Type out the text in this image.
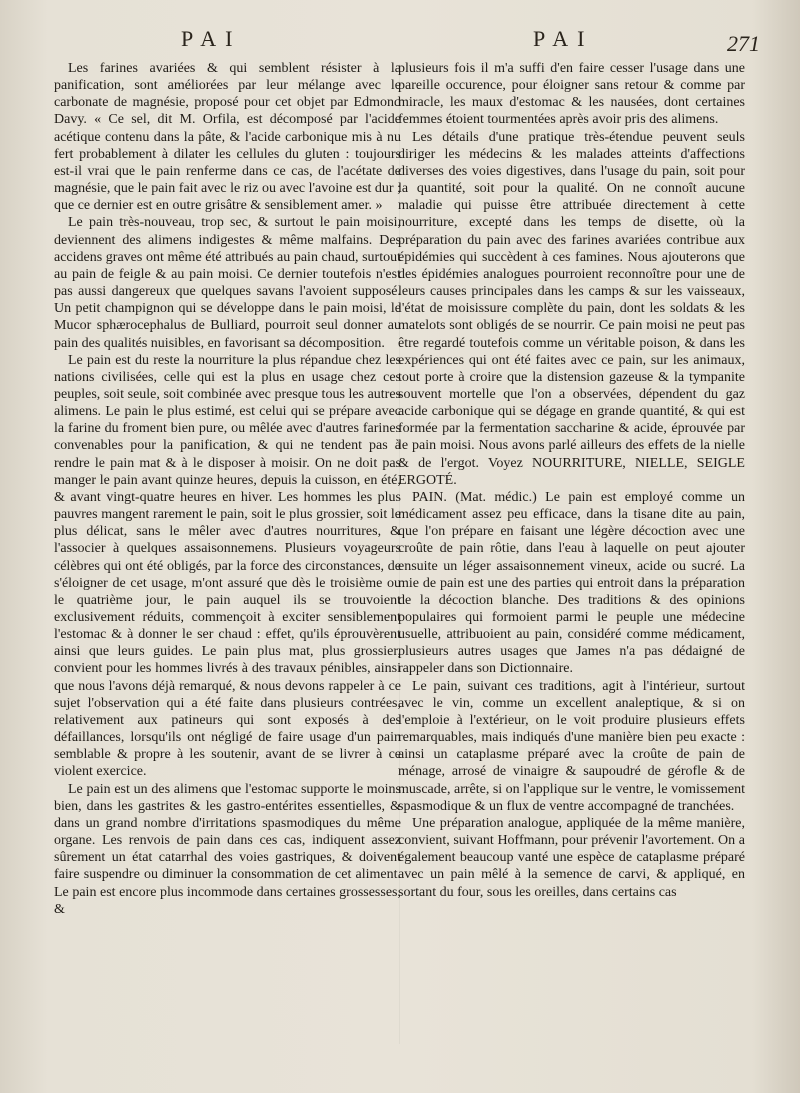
PAI	PAI	271

Les farines avariées & qui semblent résister à la panification, sont améliorées par leur mélange avec le carbonate de magnésie, proposé pour cet objet par Edmond Davy. « Ce sel, dit M. Orfila, est décomposé par l'acide acétique contenu dans la pâte, & l'acide carbonique mis à nu fert probablement à dilater les cellules du gluten : toujours est-il vrai que le pain renferme dans ce cas, de l'acétate de magnésie, que le pain fait avec le riz ou avec l'avoine est dur ; que ce dernier est en outre grisâtre & sensiblement amer. »

Le pain très-nouveau, trop sec, & surtout le pain moisi, deviennent des alimens indigestes & même malfains. Des accidens graves ont même été attribués au pain chaud, surtout au pain de feigle & au pain moisi. Ce dernier toutefois n'est pas aussi dangereux que quelques savans l'avoient supposé. Un petit champignon qui se développe dans le pain moisi, le Mucor sphærocephalus de Bulliard, pourroit seul donner au pain des qualités nuisibles, en favorisant sa décomposition.

Le pain est du reste la nourriture la plus répandue chez les nations civilisées, celle qui est la plus en usage chez ces peuples, soit seule, soit combinée avec presque tous les autres alimens. Le pain le plus estimé, est celui qui se prépare avec la farine du froment bien pure, ou mêlée avec d'autres farines convenables pour la panification, & qui ne tendent pas à rendre le pain mat & à le disposer à moisir. On ne doit pas manger le pain avant quinze heures, depuis la cuisson, en été, & avant vingt-quatre heures en hiver. Les hommes les plus pauvres mangent rarement le pain, soit le plus grossier, soit le plus délicat, sans le mêler avec d'autres nourritures, & l'associer à quelques assaisonnemens. Plusieurs voyageurs célèbres qui ont été obligés, par la force des circonstances, de s'éloigner de cet usage, m'ont assuré que dès le troisième ou le quatrième jour, le pain auquel ils se trouvoient exclusivement réduits, commençoit à exciter sensiblement l'estomac & à donner le ser chaud : effet, qu'ils éprouvèrent ainsi que leurs guides. Le pain plus mat, plus grossier, convient pour les hommes livrés à des travaux pénibles, ainsi que nous l'avons déjà remarqué, & nous devons rappeler à ce sujet l'observation qui a été faite dans plusieurs contrées, relativement aux patineurs qui sont exposés à des défaillances, lorsqu'ils ont négligé de faire usage d'un pain semblable & propre à les soutenir, avant de se livrer à ce violent exercice.

Le pain est un des alimens que l'estomac supporte le moins bien, dans les gastrites & les gastro-entérites essentielles, & dans un grand nombre d'irritations spasmodiques du même organe. Les renvois de pain dans ces cas, indiquent assez sûrement un état catarrhal des voies gastriques, & doivent faire suspendre ou diminuer la consommation de cet aliment. Le pain est encore plus incommode dans certaines grossesses, &

plusieurs fois il m'a suffi d'en faire cesser l'usage dans une pareille occurence, pour éloigner sans retour & comme par miracle, les maux d'estomac & les nausées, dont certaines femmes étoient tourmentées après avoir pris des alimens.

Les détails d'une pratique très-étendue peuvent seuls diriger les médecins & les malades atteints d'affections diverses des voies digestives, dans l'usage du pain, soit pour la quantité, soit pour la qualité. On ne connoît aucune maladie qui puisse être attribuée directement à cette nourriture, excepté dans les temps de disette, où la préparation du pain avec des farines avariées contribue aux épidémies qui succèdent à ces famines. Nous ajouterons que des épidémies analogues pourroient reconnoître pour une de leurs causes principales dans les camps & sur les vaisseaux, l'état de moisissure complète du pain, dont les soldats & les matelots sont obligés de se nourrir. Ce pain moisi ne peut pas être regardé toutefois comme un véritable poison, & dans les expériences qui ont été faites avec ce pain, sur les animaux, tout porte à croire que la distension gazeuse & la tympanite souvent mortelle que l'on a observées, dépendent du gaz acide carbonique qui se dégage en grande quantité, & qui est formée par la fermentation saccharine & acide, éprouvée par le pain moisi. Nous avons parlé ailleurs des effets de la nielle & de l'ergot. Voyez NOURRITURE, NIELLE, SEIGLE ERGOTÉ.

PAIN. (Mat. médic.) Le pain est employé comme un médicament assez peu efficace, dans la tisane dite au pain, que l'on prépare en faisant une légère décoction avec une croûte de pain rôtie, dans l'eau à laquelle on peut ajouter ensuite un léger assaisonnement vineux, acide ou sucré. La mie de pain est une des parties qui entroit dans la préparation de la décoction blanche. Des traditions & des opinions populaires qui formoient parmi le peuple une médecine usuelle, attribuoient au pain, considéré comme médicament, plusieurs autres usages que James n'a pas dédaigné de rappeler dans son Dictionnaire.

Le pain, suivant ces traditions, agit à l'intérieur, surtout avec le vin, comme un excellent analeptique, & si on l'emploie à l'extérieur, on le voit produire plusieurs effets remarquables, mais indiqués d'une manière bien peu exacte : ainsi un cataplasme préparé avec la croûte de pain de ménage, arrosé de vinaigre & saupoudré de gérofle & de muscade, arrête, si on l'applique sur le ventre, le vomissement spasmodique & un flux de ventre accompagné de tranchées.

Une préparation analogue, appliquée de la même manière, convient, suivant Hoffmann, pour prévenir l'avortement. On a également beaucoup vanté une espèce de cataplasme préparé avec un pain mêlé à la semence de carvi, & appliqué, en sortant du four, sous les oreilles, dans certains cas
